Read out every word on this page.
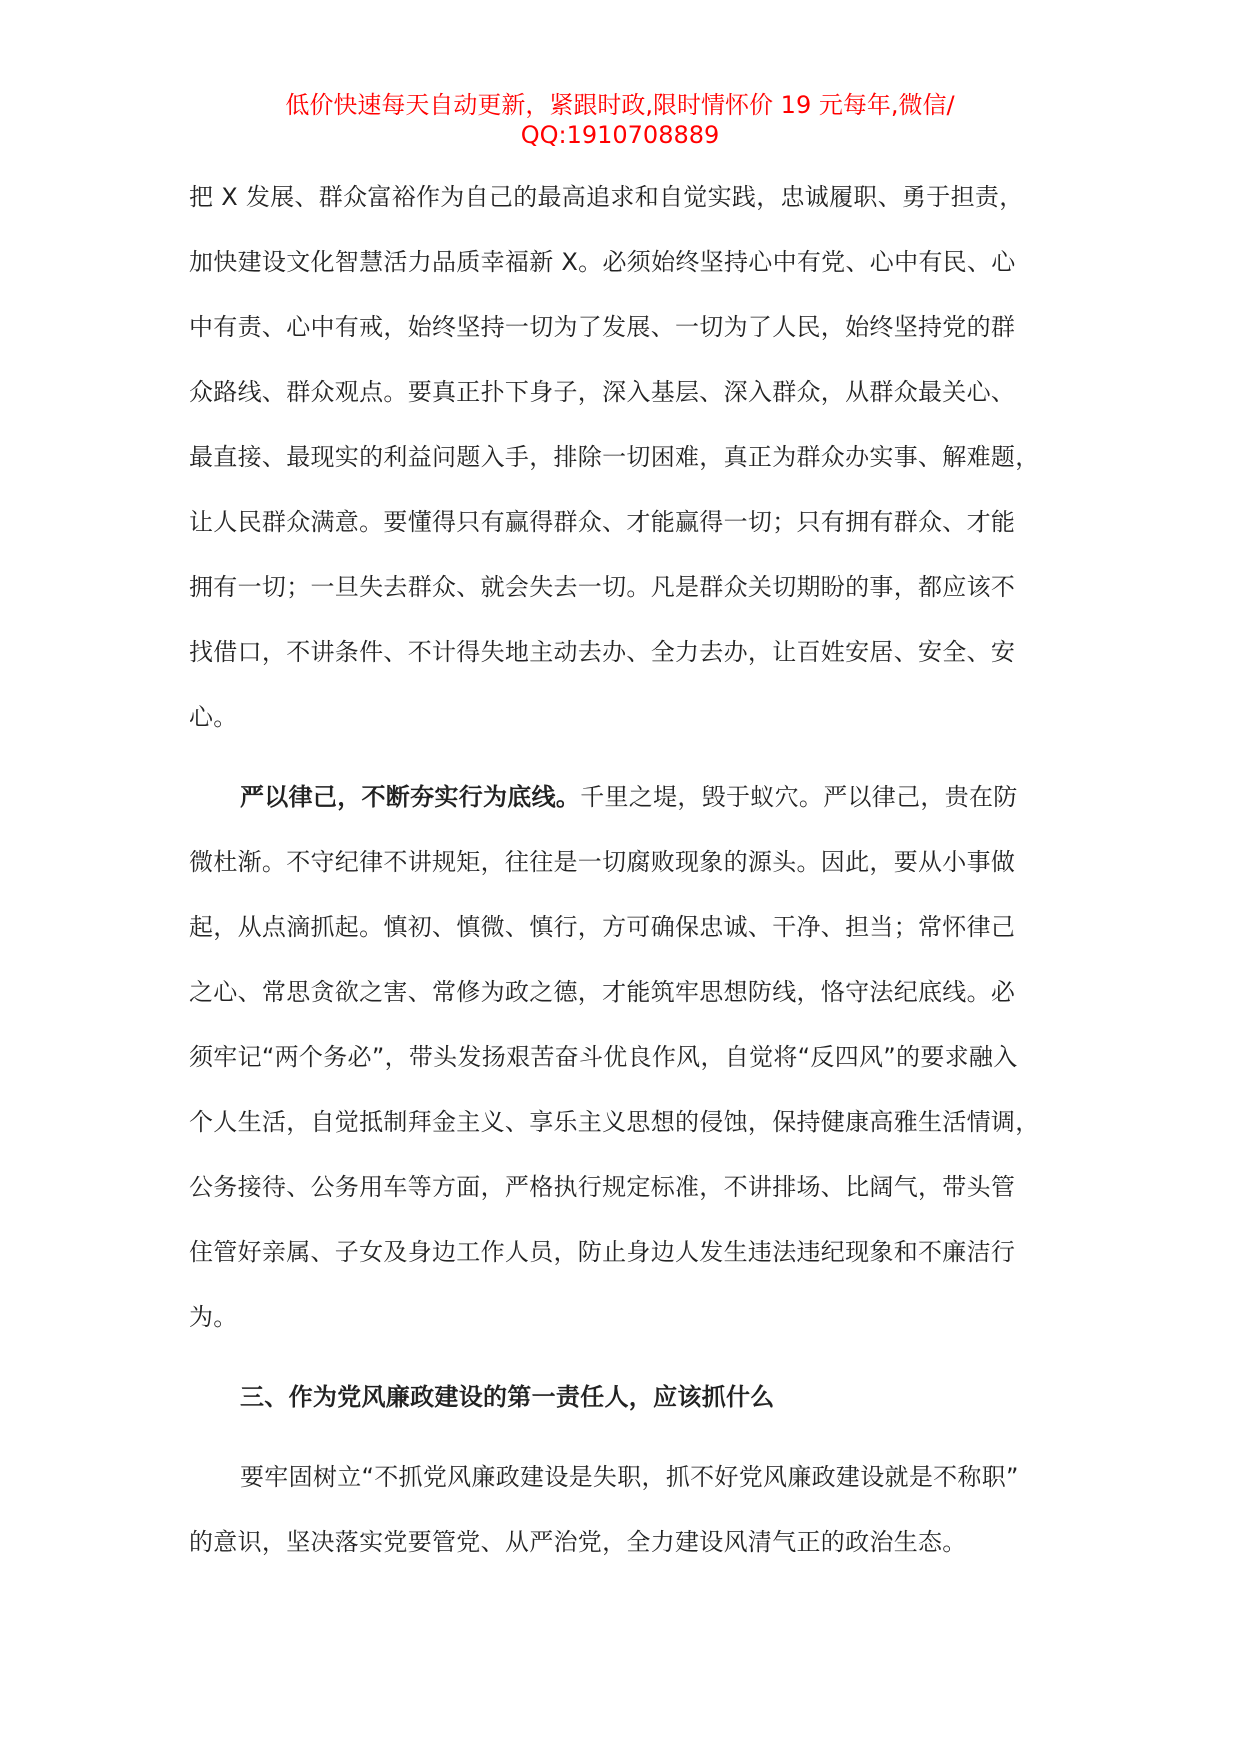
低价快速每天自动更新，紧跟时政,限时情怀价 19 元每年,微信/
QQ:1910708889
把 X 发展、群众富裕作为自己的最高追求和自觉实践，忠诚履职、勇于担责，
加快建设文化智慧活力品质幸福新 X。必须始终坚持心中有党、心中有民、心
中有责、心中有戒，始终坚持一切为了发展、一切为了人民，始终坚持党的群
众路线、群众观点。要真正扑下身子，深入基层、深入群众，从群众最关心、
最直接、最现实的利益问题入手，排除一切困难，真正为群众办实事、解难题，
让人民群众满意。要懂得只有赢得群众、才能赢得一切；只有拥有群众、才能
拥有一切；一旦失去群众、就会失去一切。凡是群众关切期盼的事，都应该不
找借口，不讲条件、不计得失地主动去办、全力去办，让百姓安居、安全、安
心。
严以律己，不断夯实行为底线。千里之堤，毁于蚁穴。严以律己，贵在防
微杜渐。不守纪律不讲规矩，往往是一切腐败现象的源头。因此，要从小事做
起，从点滴抓起。慎初、慎微、慎行，方可确保忠诚、干净、担当；常怀律己
之心、常思贪欲之害、常修为政之德，才能筑牢思想防线，恪守法纪底线。必
须牢记“两个务必”，带头发扬艰苦奋斗优良作风，自觉将“反四风”的要求融入
个人生活，自觉抵制拜金主义、享乐主义思想的侵蚀，保持健康高雅生活情调，
公务接待、公务用车等方面，严格执行规定标准，不讲排场、比阔气，带头管
住管好亲属、子女及身边工作人员，防止身边人发生违法违纪现象和不廉洁行
为。
三、作为党风廉政建设的第一责任人，应该抓什么
要牢固树立“不抓党风廉政建设是失职，抓不好党风廉政建设就是不称职”
的意识，坚决落实党要管党、从严治党，全力建设风清气正的政治生态。
